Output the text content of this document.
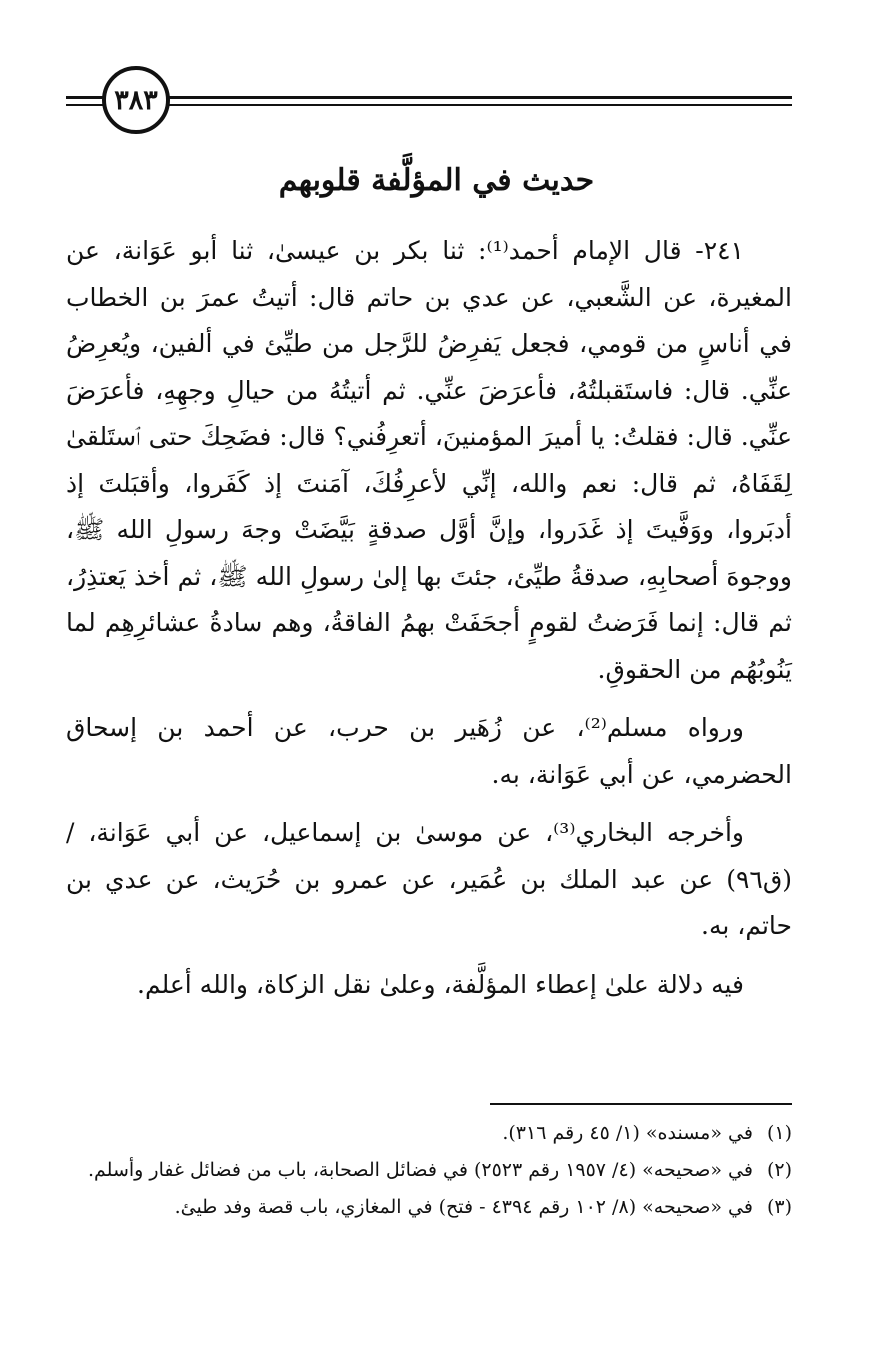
٣٨٣
حديث في المؤلَّفة قلوبهم

٢٤١- قال الإمام أحمد⁽¹⁾: ثنا بكر بن عيسىٰ، ثنا أبو عَوَانة، عن المغيرة، عن الشَّعبي، عن عدي بن حاتم قال: أتيتُ عمرَ بن الخطاب في أناسٍ من قومي، فجعل يَفرِضُ للرَّجل من طيِّئ في ألفين، ويُعرِضُ عنِّي. قال: فاستَقبلتُهُ، فأعرَضَ عنِّي. ثم أتيتُهُ من حيالِ وجهِهِ، فأعرَضَ عنِّي. قال: فقلتُ: يا أميرَ المؤمنينَ، أتعرِفُني؟ قال: فضَحِكَ حتى ٱستَلقىٰ لِقَفَاهُ، ثم قال: نعم والله، إنِّي لأعرِفُكَ، آمَنتَ إذ كَفَروا، وأقبَلتَ إذ أدبَروا، ووَفَّيتَ إذ غَدَروا، وإنَّ أوَّل صدقةٍ بَيَّضَتْ وجهَ رسولِ الله ﷺ، ووجوهَ أصحابِهِ، صدقةُ طيِّئ، جئتَ بها إلىٰ رسولِ الله ﷺ، ثم أخذ يَعتذِرُ، ثم قال: إنما فَرَضتُ لقومٍ أجحَفَتْ بهمُ الفاقةُ، وهم سادةُ عشائرِهِم لما يَنُوبُهُم من الحقوقِ.

ورواه مسلم⁽²⁾، عن زُهَير بن حرب، عن أحمد بن إسحاق الحضرمي، عن أبي عَوَانة، به.

وأخرجه البخاري⁽³⁾، عن موسىٰ بن إسماعيل، عن أبي عَوَانة، / (ق٩٦) عن عبد الملك بن عُمَير، عن عمرو بن حُرَيث، عن عدي بن حاتم، به.

فيه دلالة علىٰ إعطاء المؤلَّفة، وعلىٰ نقل الزكاة، والله أعلم.

(١)
في «مسنده» (١/ ٤٥ رقم ٣١٦).
(٢)
في «صحيحه» (٤/ ١٩٥٧ رقم ٢٥٢٣) في فضائل الصحابة، باب من فضائل غفار وأسلم.
(٣)
في «صحيحه» (٨/ ١٠٢ رقم ٤٣٩٤ - فتح) في المغازي، باب قصة وفد طيئ.
